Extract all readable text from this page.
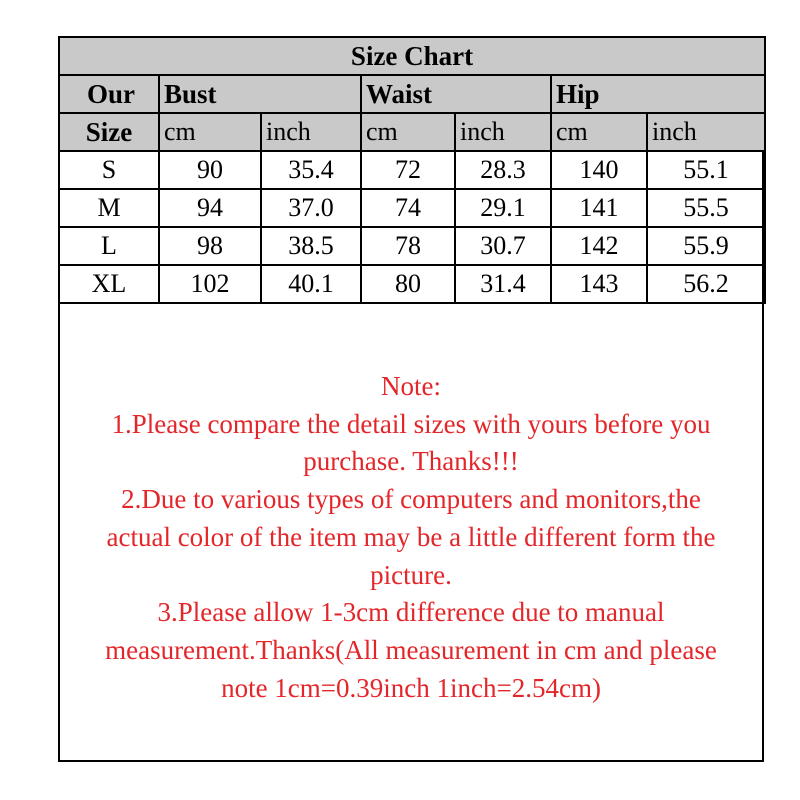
Size Chart						
Our	Bust		Waist		Hip	
Size	cm	inch	cm	inch	cm	inch
S	90	35.4	72	28.3	140	55.1
M	94	37.0	74	29.1	141	55.5
L	98	38.5	78	30.7	142	55.9
XL	102	40.1	80	31.4	143	56.2
Note:
1.Please compare the detail sizes with yours before you
purchase. Thanks!!!
2.Due to various types of computers and monitors,the
actual color of the item may be a little different form the
picture.
3.Please allow 1-3cm difference due to manual
measurement.Thanks(All measurement in cm and please
note 1cm=0.39inch 1inch=2.54cm)
